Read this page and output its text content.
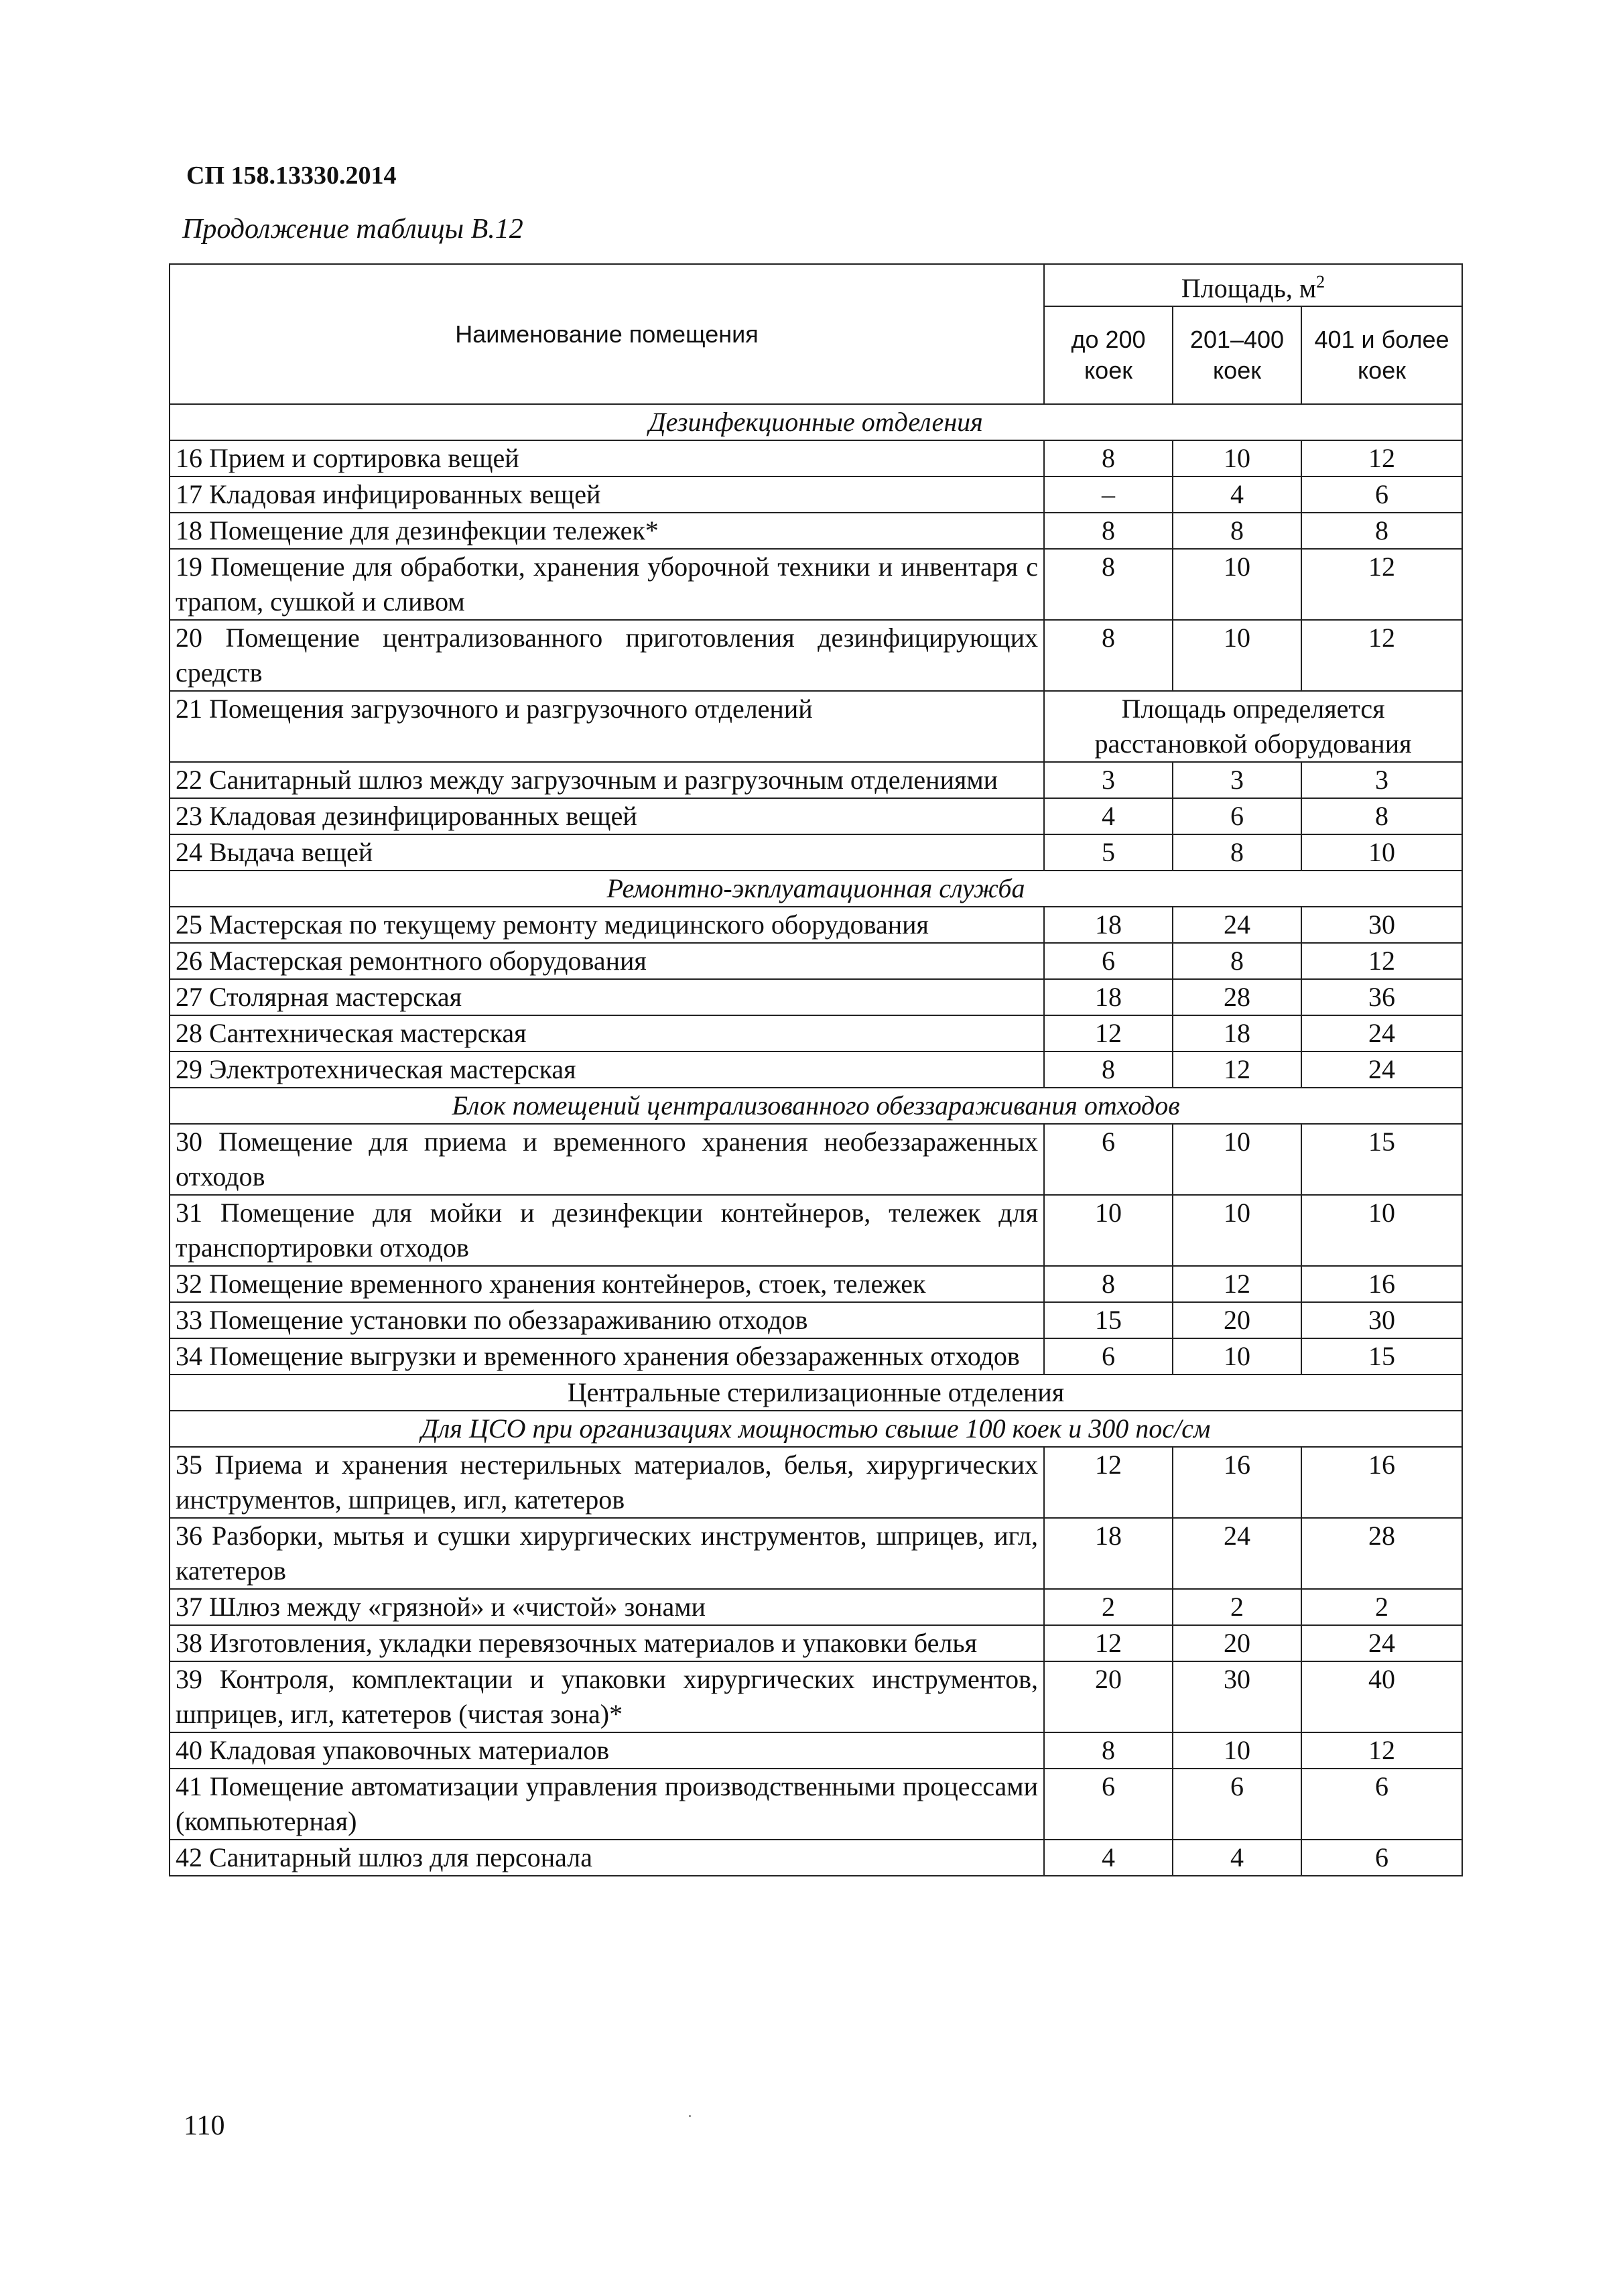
СП 158.13330.2014
Продолжение таблицы В.12
Наименование помещения	Площадь, $м^2$
	до 200 коек	201–400 коек	401 и более коек
Дезинфекционные отделения			
16 Прием и сортировка вещей	8	10	12
17 Кладовая инфицированных вещей	–	4	6
18 Помещение для дезинфекции тележек*	8	8	8
19 Помещение для обработки, хранения уборочной техники и инвентаря с трапом, сушкой и сливом	8	10	12
20 Помещение централизованного приготовления дезинфицирующих средств	8	10	12
21 Помещения загрузочного и разгрузочного отделений	Площадь определяется расстановкой оборудования		
22 Санитарный шлюз между загрузочным и разгрузочным отделениями	3	3	3
23 Кладовая дезинфицированных вещей	4	6	8
24 Выдача вещей	5	8	10
Ремонтно-экплуатационная служба			
25 Мастерская по текущему ремонту медицинского оборудования	18	24	30
26 Мастерская ремонтного оборудования	6	8	12
27 Столярная мастерская	18	28	36
28 Сантехническая мастерская	12	18	24
29 Электротехническая мастерская	8	12	24
Блок помещений централизованного обеззараживания отходов			
30 Помещение для приема и временного хранения необеззараженных отходов	6	10	15
31 Помещение для мойки и дезинфекции контейнеров, тележек для транспортировки отходов	10	10	10
32 Помещение временного хранения контейнеров, стоек, тележек	8	12	16
33 Помещение установки по обеззараживанию отходов	15	20	30
34 Помещение выгрузки и временного хранения обеззараженных отходов	6	10	15
Центральные стерилизационные отделения			
Для ЦСО при организациях мощностью свыше 100 коек и 300 пос/см			
35 Приема и хранения нестерильных материалов, белья, хирургических инструментов, шприцев, игл, катетеров	12	16	16
36 Разборки, мытья и сушки хирургических инструментов, шприцев, игл, катетеров	18	24	28
37 Шлюз между «грязной» и «чистой» зонами	2	2	2
38 Изготовления, укладки перевязочных материалов и упаковки белья	12	20	24
39 Контроля, комплектации и упаковки хирургических инструментов, шприцев, игл, катетеров (чистая зона)*	20	30	40
40 Кладовая упаковочных материалов	8	10	12
41 Помещение автоматизации управления производственными процессами (компьютерная)	6	6	6
42 Санитарный шлюз для персонала	4	4	6
110
